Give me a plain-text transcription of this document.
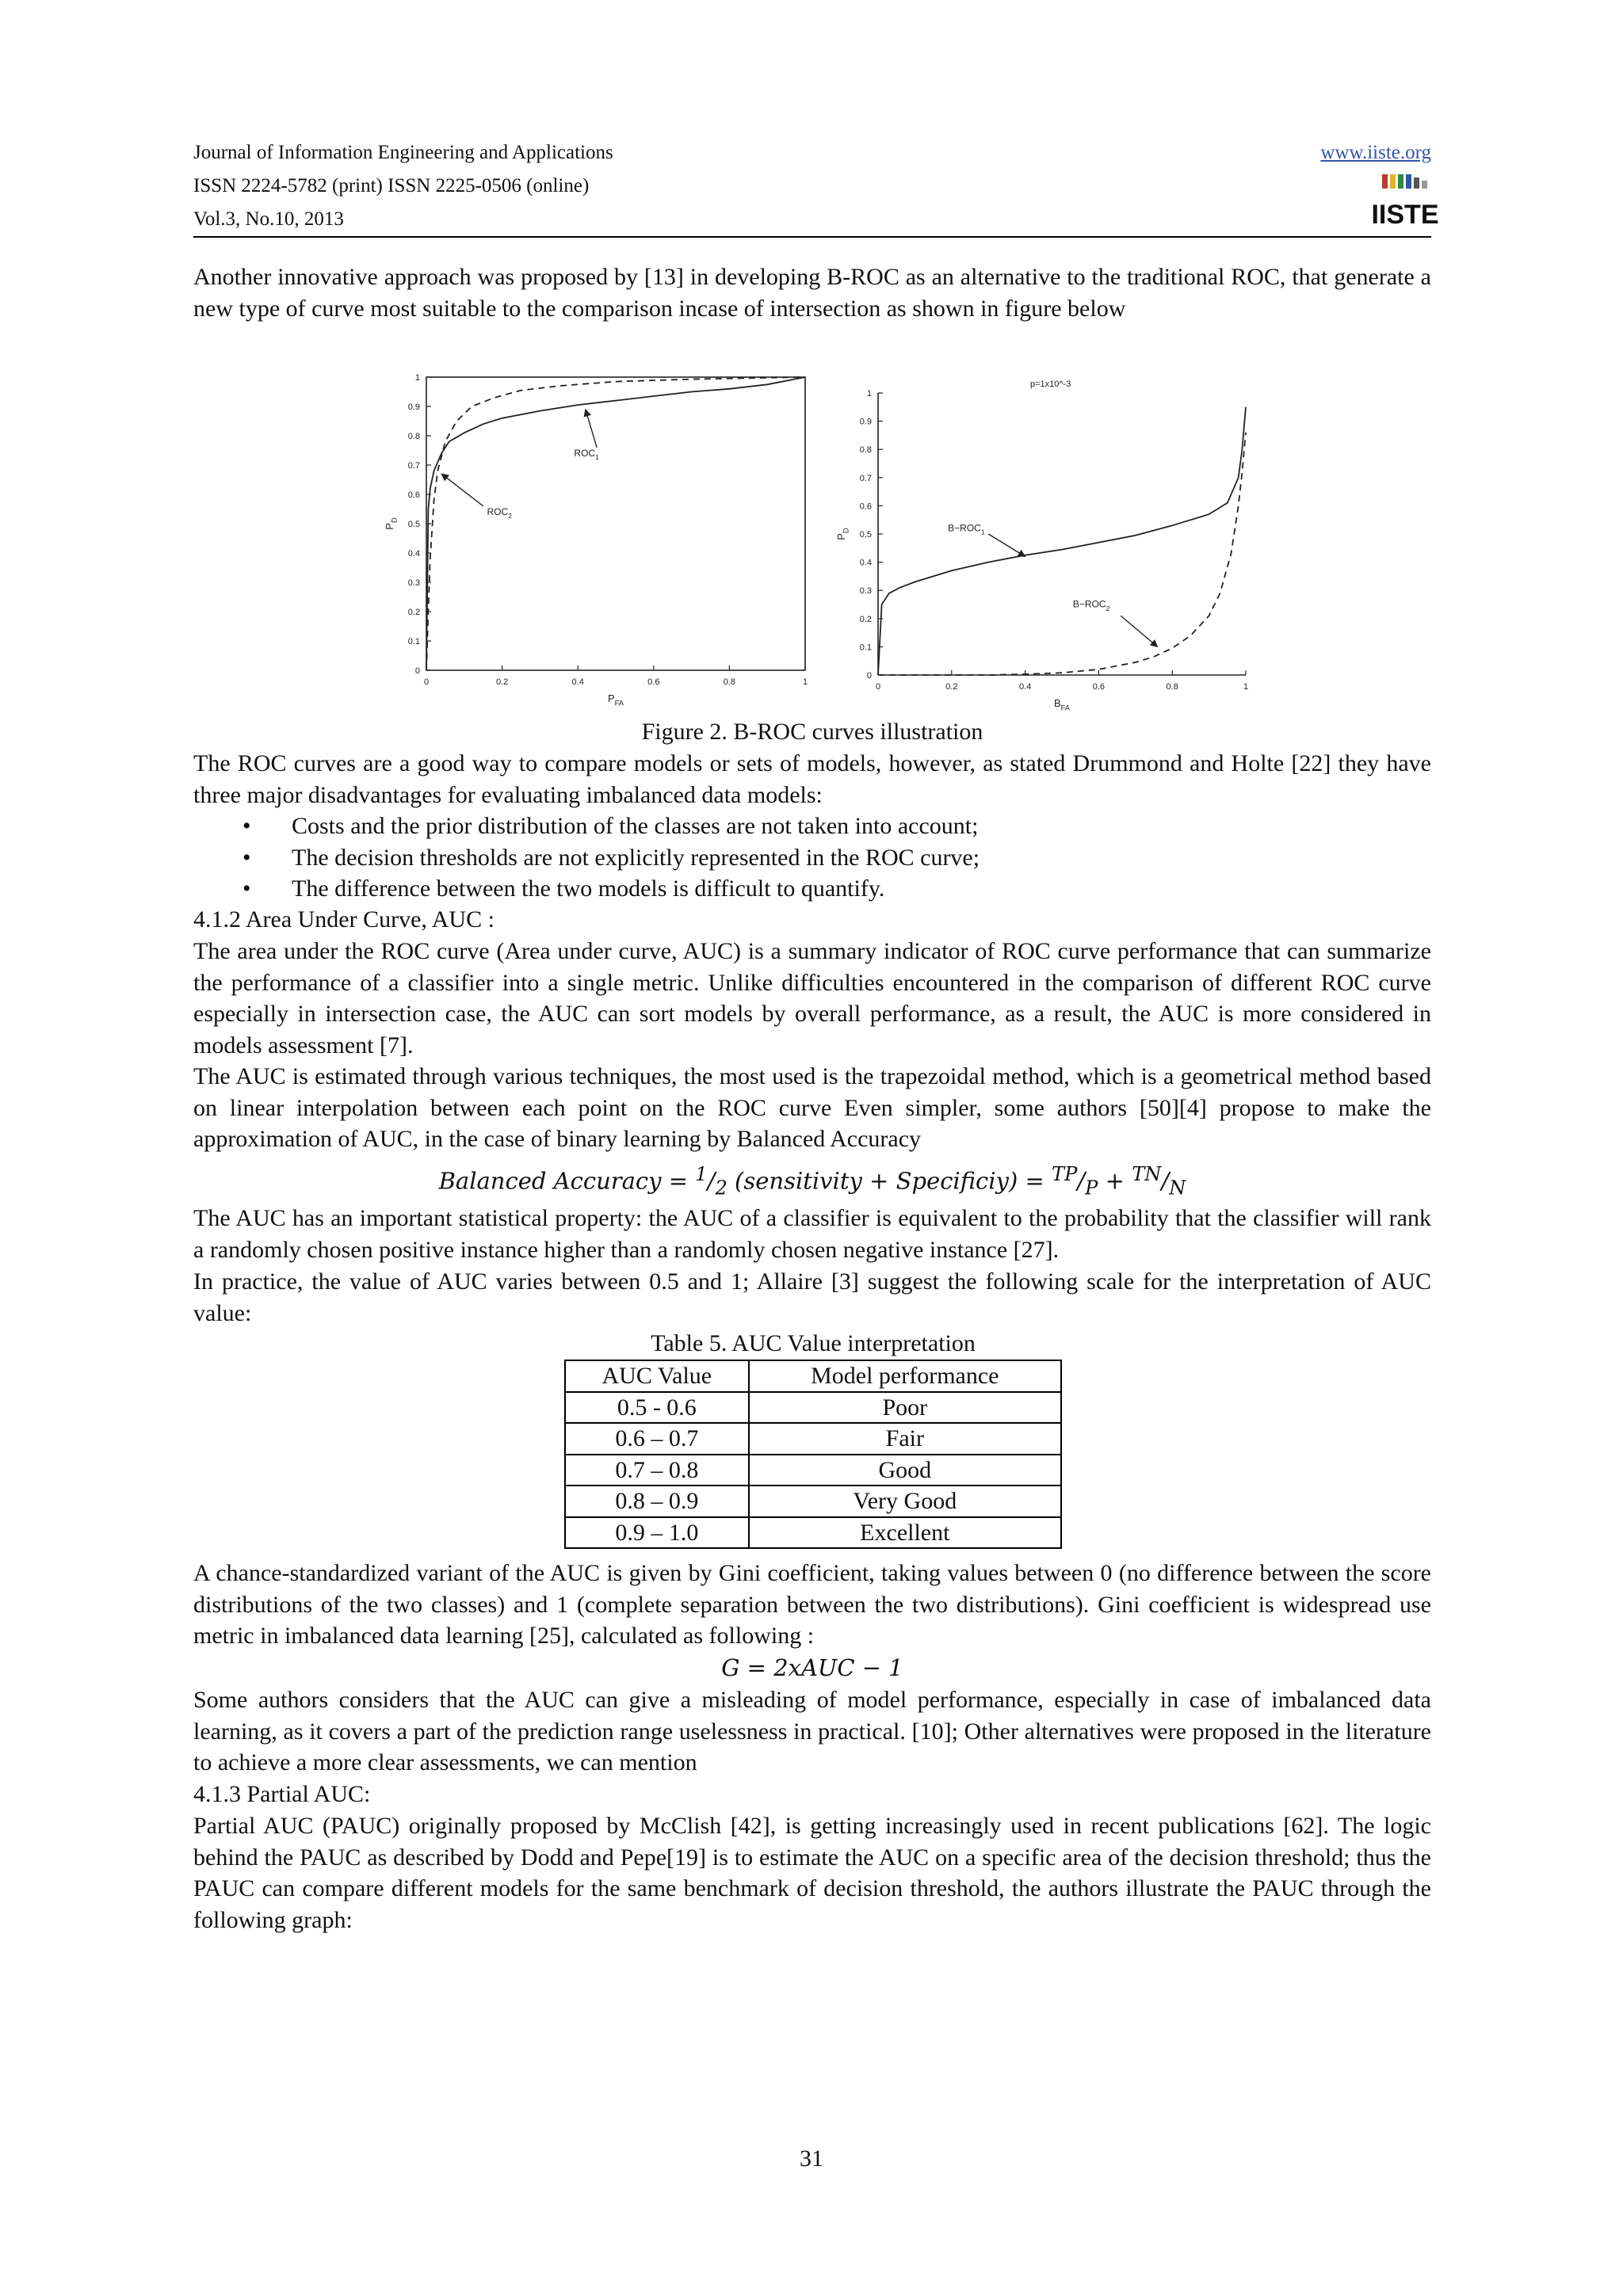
Journal of Information Engineering and Applications
ISSN 2224-5782 (print) ISSN 2225-0506 (online)
Vol.3, No.10, 2013
www.iiste.org
IISTE

Another innovative approach was proposed by [13] in developing B-ROC as an alternative to the traditional ROC, that generate a new type of curve most suitable to the comparison incase of intersection as shown in figure below

0	0.2	0.4	0.6	0.8	1
0
0.1
0.2
0.3
0.4
0.5
0.6
0.7
0.8
0.9
1
$P_{FA}$
$P_D$
$ROC_1$
$ROC_2$
0	0.2	0.4	0.6	0.8	1
0
0.1
0.2
0.3
0.4
0.5
0.6
0.7
0.8
0.9
1
$B_{FA}$
$P_D$
p=1x10^-3
$B-ROC_1$
$B-ROC_2$
Figure 2. B-ROC curves illustration

The ROC curves are a good way to compare models or sets of models, however, as stated Drummond and Holte [22] they have three major disadvantages for evaluating imbalanced data models:

• Costs and the prior distribution of the classes are not taken into account;
• The decision thresholds are not explicitly represented in the ROC curve;
• The difference between the two models is difficult to quantify.
4.1.2 Area Under Curve, AUC :

The area under the ROC curve (Area under curve, AUC) is a summary indicator of ROC curve performance that can summarize the performance of a classifier into a single metric. Unlike difficulties encountered in the comparison of different ROC curve especially in intersection case, the AUC can sort models by overall performance, as a result, the AUC is more considered in models assessment [7].

The AUC is estimated through various techniques, the most used is the trapezoidal method, which is a geometrical method based on linear interpolation between each point on the ROC curve Even simpler, some authors [50][4] propose to make the approximation of AUC, in the case of binary learning by Balanced Accuracy

Balanced Accuracy = $^1/_2$ (sensitivity + Specificiy) = $^{TP}/_P + ^{TN}/_N$

The AUC has an important statistical property: the AUC of a classifier is equivalent to the probability that the classifier will rank a randomly chosen positive instance higher than a randomly chosen negative instance [27].

In practice, the value of AUC varies between 0.5 and 1; Allaire [3] suggest the following scale for the interpretation of AUC value:

Table 5. AUC Value interpretation
AUC Value	Model performance
0.5 - 0.6	Poor
0.6 – 0.7	Fair
0.7 – 0.8	Good
0.8 – 0.9	Very Good
0.9 – 1.0	Excellent

A chance-standardized variant of the AUC is given by Gini coefficient, taking values between 0 (no difference between the score distributions of the two classes) and 1 (complete separation between the two distributions). Gini coefficient is widespread use metric in imbalanced data learning [25], calculated as following :

G = 2xAUC − 1

Some authors considers that the AUC can give a misleading of model performance, especially in case of imbalanced data learning, as it covers a part of the prediction range uselessness in practical. [10]; Other alternatives were proposed in the literature to achieve a more clear assessments, we can mention

4.1.3 Partial AUC:

Partial AUC (PAUC) originally proposed by McClish [42], is getting increasingly used in recent publications [62]. The logic behind the PAUC as described by Dodd and Pepe[19] is to estimate the AUC on a specific area of the decision threshold; thus the PAUC can compare different models for the same benchmark of decision threshold, the authors illustrate the PAUC through the following graph:

31
